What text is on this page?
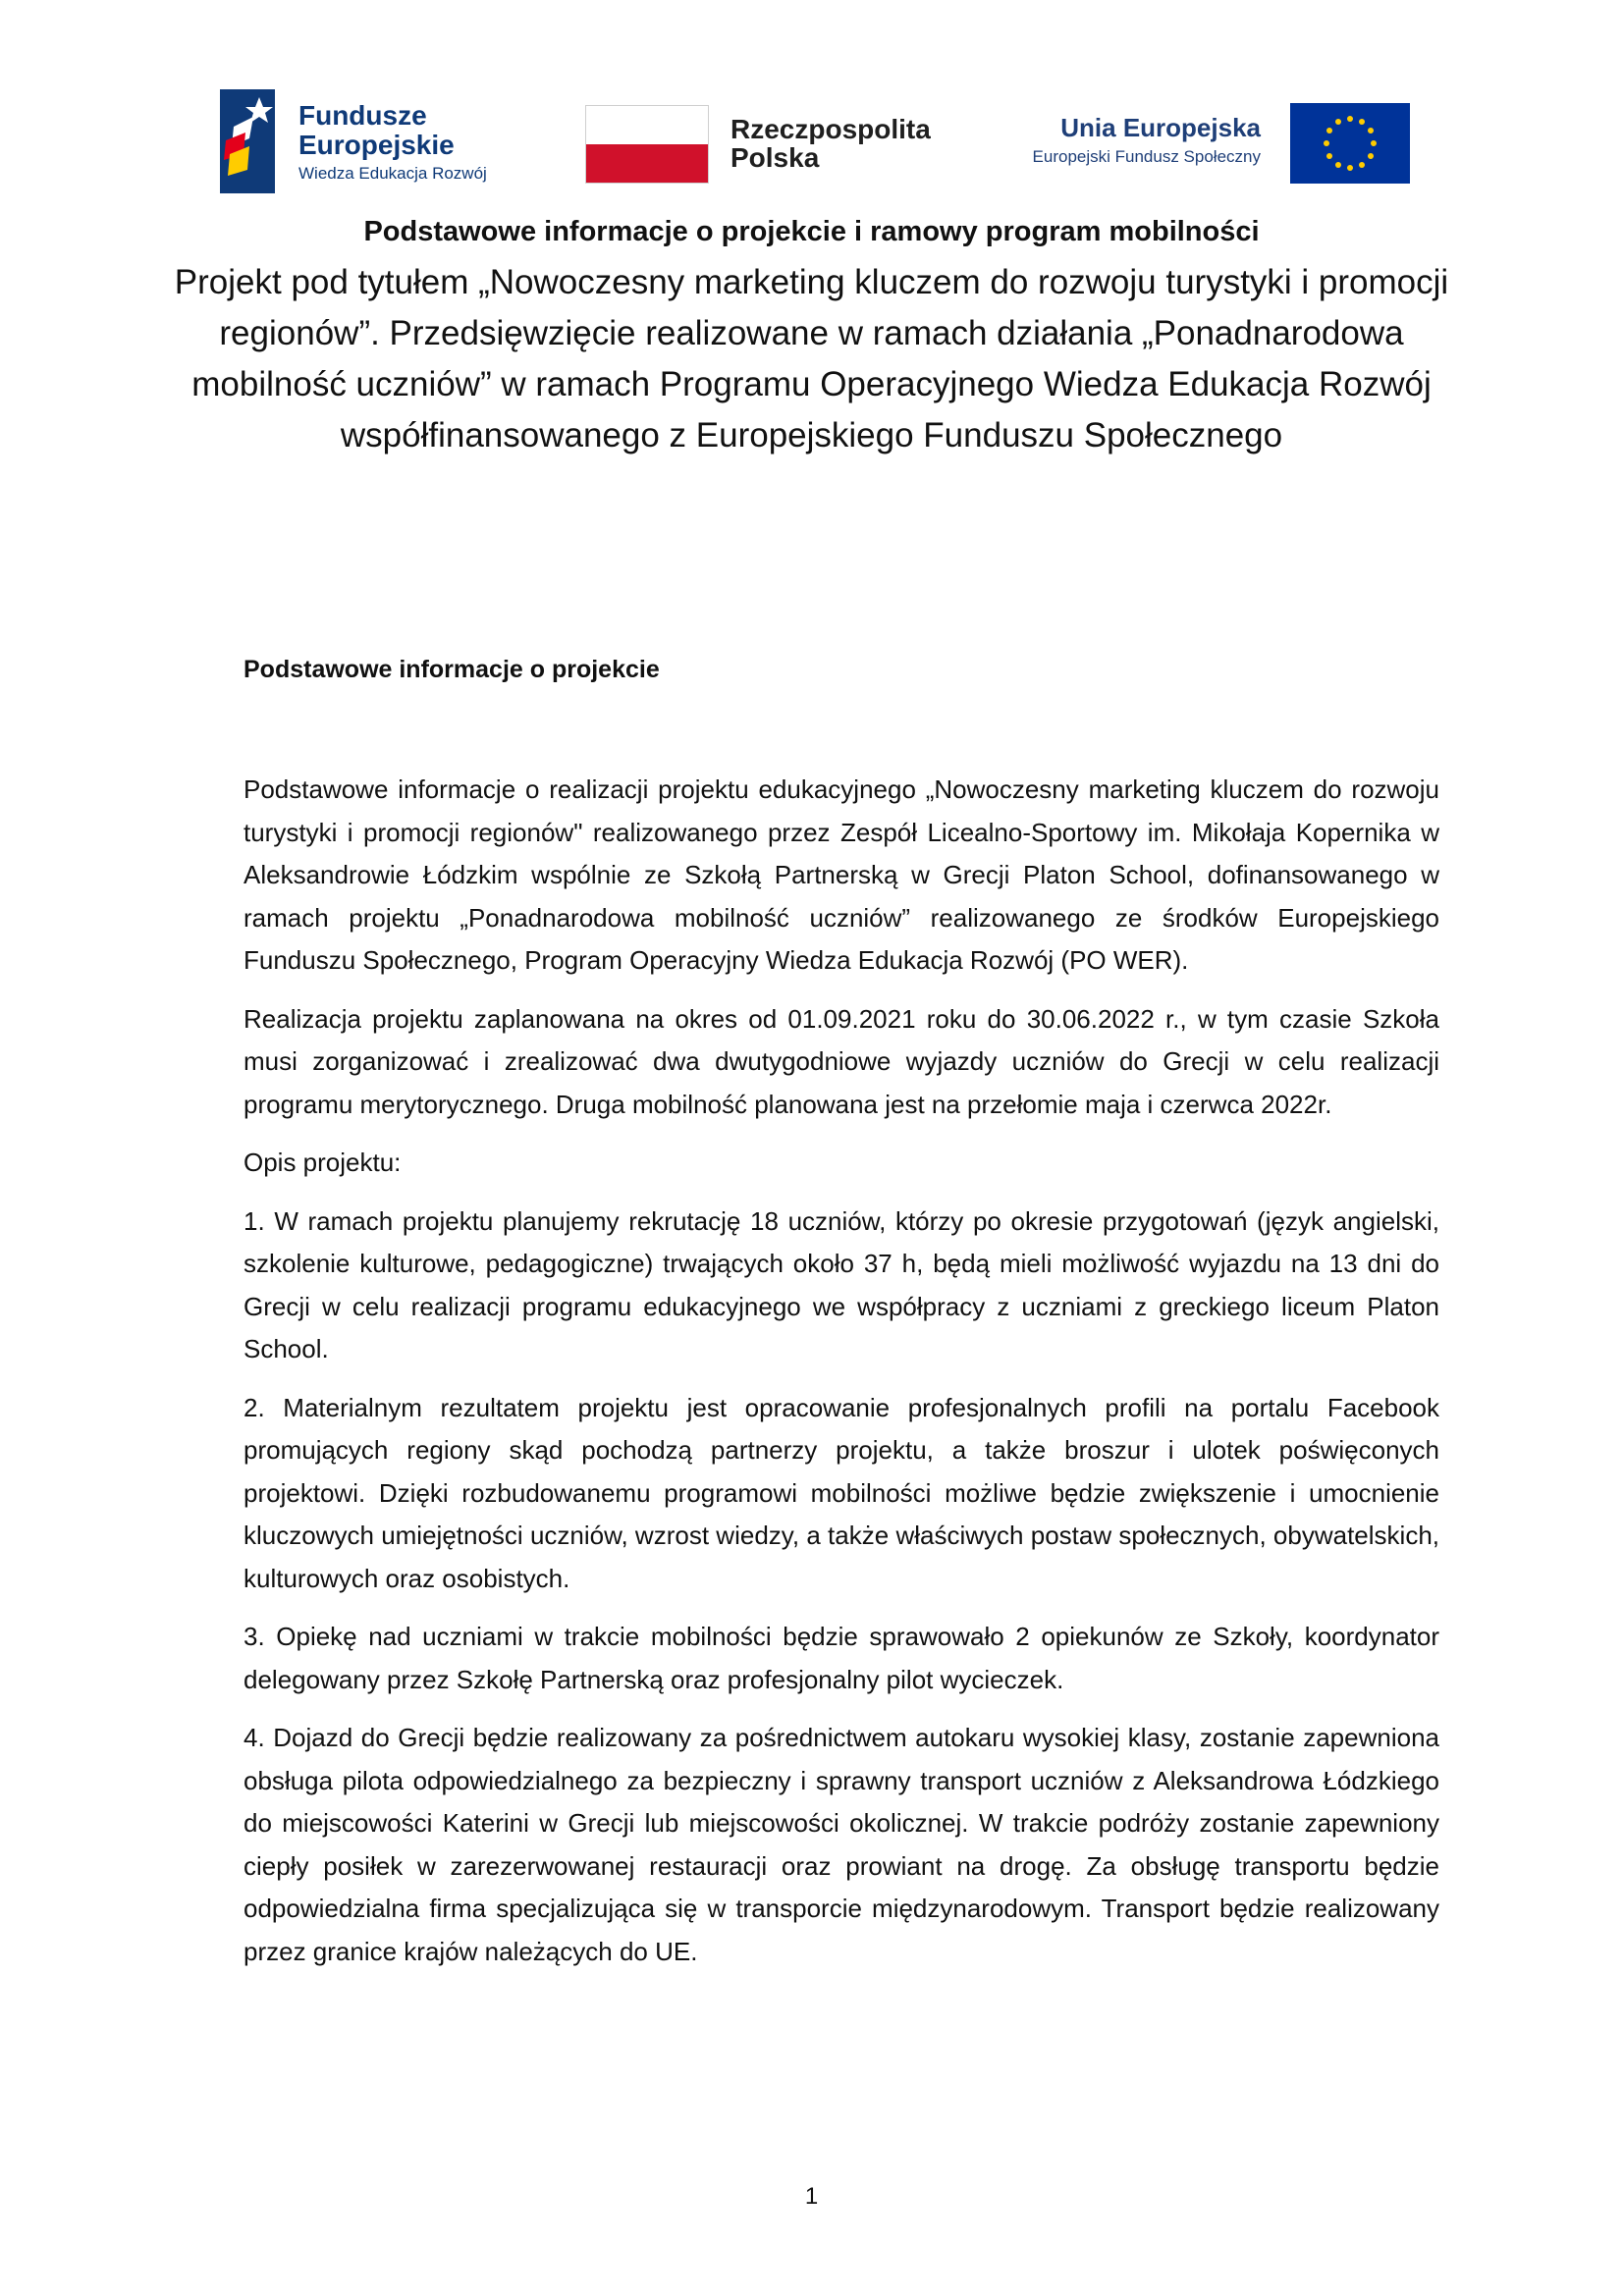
Fundusze
Europejskie
Wiedza Edukacja Rozwój
Rzeczpospolita
Polska
Unia Europejska
Europejski Fundusz Społeczny
Podstawowe informacje o projekcie i ramowy program mobilności
Projekt pod tytułem „Nowoczesny marketing kluczem do rozwoju turystyki i promocji regionów”. Przedsięwzięcie realizowane w ramach działania „Ponadnarodowa mobilność uczniów” w ramach Programu Operacyjnego Wiedza Edukacja Rozwój współfinansowanego z Europejskiego Funduszu Społecznego
Podstawowe informacje o projekcie

Podstawowe informacje o realizacji projektu edukacyjnego „Nowoczesny marketing kluczem do rozwoju turystyki i promocji regionów" realizowanego przez Zespół Licealno-Sportowy im. Mikołaja Kopernika w Aleksandrowie Łódzkim wspólnie ze Szkołą Partnerską w Grecji Platon School, dofinansowanego w ramach projektu „Ponadnarodowa mobilność uczniów” realizowanego ze środków Europejskiego Funduszu Społecznego, Program Operacyjny Wiedza Edukacja Rozwój (PO WER).

Realizacja projektu zaplanowana na okres od 01.09.2021 roku do 30.06.2022 r., w tym czasie Szkoła musi zorganizować i zrealizować dwa dwutygodniowe wyjazdy uczniów do Grecji w celu realizacji programu merytorycznego. Druga mobilność planowana jest na przełomie maja i czerwca 2022r.

Opis projektu:

1. W ramach projektu planujemy rekrutację 18 uczniów, którzy po okresie przygotowań (język angielski, szkolenie kulturowe, pedagogiczne) trwających około 37 h, będą mieli możliwość wyjazdu na 13 dni do Grecji w celu realizacji programu edukacyjnego we współpracy z uczniami z greckiego liceum Platon School.

2. Materialnym rezultatem projektu jest opracowanie profesjonalnych profili na portalu Facebook promujących regiony skąd pochodzą partnerzy projektu, a także broszur i ulotek poświęconych projektowi. Dzięki rozbudowanemu programowi mobilności możliwe będzie zwiększenie i umocnienie kluczowych umiejętności uczniów, wzrost wiedzy, a także właściwych postaw społecznych, obywatelskich, kulturowych oraz osobistych.

3. Opiekę nad uczniami w trakcie mobilności będzie sprawowało 2 opiekunów ze Szkoły, koordynator delegowany przez Szkołę Partnerską oraz profesjonalny pilot wycieczek.

4. Dojazd do Grecji będzie realizowany za pośrednictwem autokaru wysokiej klasy, zostanie zapewniona obsługa pilota odpowiedzialnego za bezpieczny i sprawny transport uczniów z Aleksandrowa Łódzkiego do miejscowości Katerini w Grecji lub miejscowości okolicznej. W trakcie podróży zostanie zapewniony ciepły posiłek w zarezerwowanej restauracji oraz prowiant na drogę. Za obsługę transportu będzie odpowiedzialna firma specjalizująca się w transporcie międzynarodowym. Transport będzie realizowany przez granice krajów należących do UE.

1
